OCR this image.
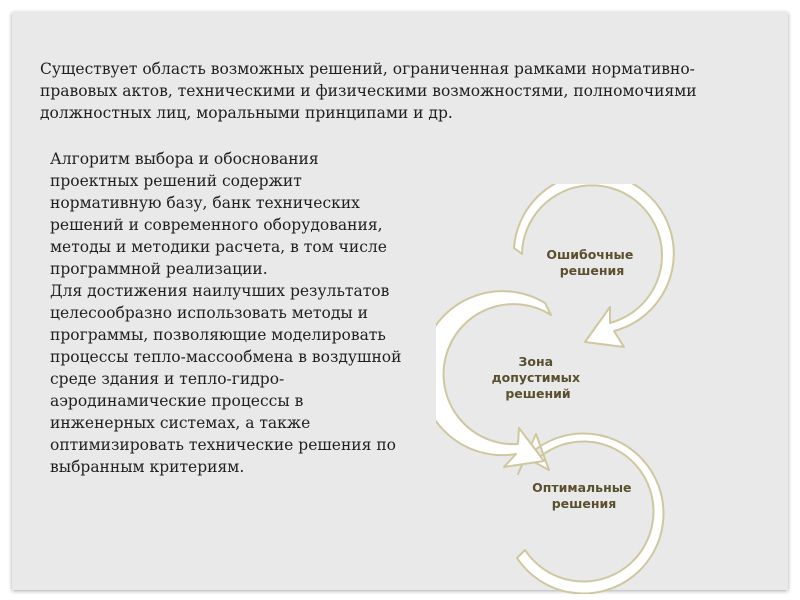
Существует область возможных решений, ограниченная рамками нормативно-правовых актов, техническими и физическими возможностями, полномочиями должностных лиц, моральными принципами и др.

Алгоритм выбора и обоснования проектных решений содержит нормативную базу, банк технических решений и современного оборудования, методы и методики расчета, в том числе программной реализации.
Для достижения наилучших результатов целесообразно использовать методы и программы, позволяющие моделировать процессы тепло-массообмена в воздушной среде здания и тепло-гидро-аэродинамические процессы в инженерных системах, а также оптимизировать технические решения по выбранным критериям.
Ошибочные решения
Зона допустимых решений
Оптимальные решения
